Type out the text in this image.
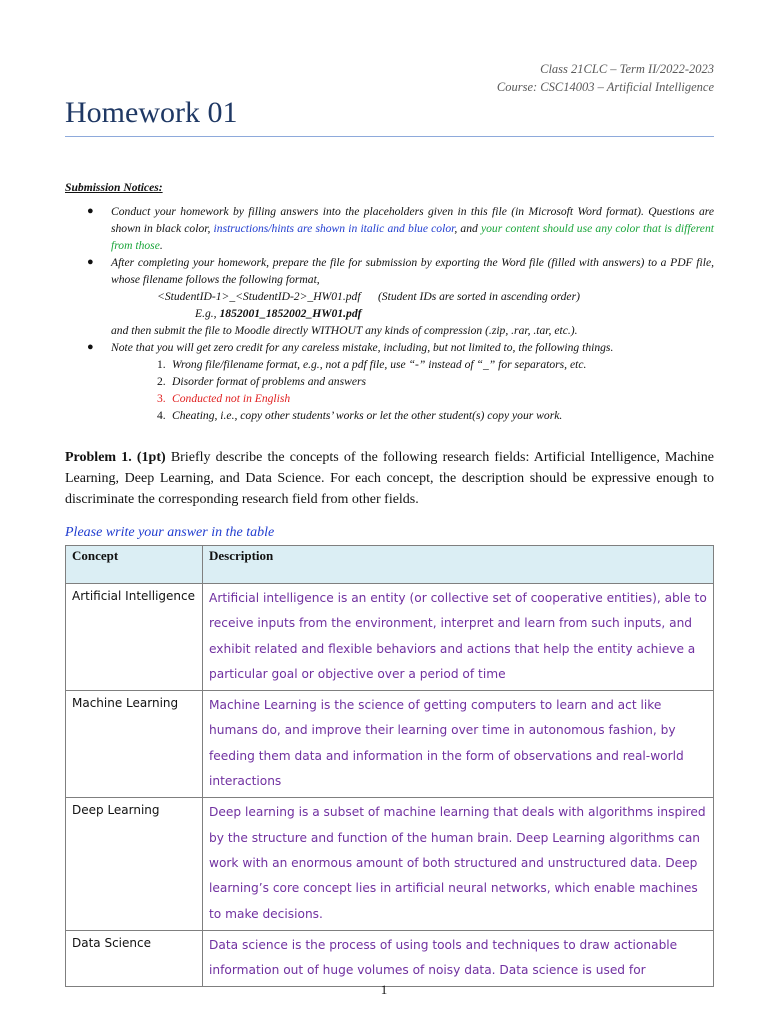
Class 21CLC – Term II/2022-2023
Course: CSC14003 – Artificial Intelligence
Homework 01
Submission Notices:
● Conduct your homework by filling answers into the placeholders given in this file (in Microsoft Word format). Questions are shown in black color, instructions/hints are shown in italic and blue color, and your content should use any color that is different from those.
● After completing your homework, prepare the file for submission by exporting the Word file (filled with answers) to a PDF file, whose filename follows the following format,
<StudentID-1>_<StudentID-2>_HW01.pdf      (Student IDs are sorted in ascending order)
E.g., 1852001_1852002_HW01.pdf
and then submit the file to Moodle directly WITHOUT any kinds of compression (.zip, .rar, .tar, etc.).
● Note that you will get zero credit for any careless mistake, including, but not limited to, the following things.
1. Wrong file/filename format, e.g., not a pdf file, use “-” instead of “_” for separators, etc.
2. Disorder format of problems and answers
3. Conducted not in English
4. Cheating, i.e., copy other students’ works or let the other student(s) copy your work.
Problem 1. (1pt) Briefly describe the concepts of the following research fields: Artificial Intelligence, Machine Learning, Deep Learning, and Data Science. For each concept, the description should be expressive enough to discriminate the corresponding research field from other fields.
Please write your answer in the table
Concept	Description
Artificial Intelligence	Artificial intelligence is an entity (or collective set of cooperative entities), able to receive inputs from the environment, interpret and learn from such inputs, and exhibit related and flexible behaviors and actions that help the entity achieve a particular goal or objective over a period of time
Machine Learning	Machine Learning is the science of getting computers to learn and act like humans do, and improve their learning over time in autonomous fashion, by feeding them data and information in the form of observations and real-world interactions
Deep Learning	Deep learning is a subset of machine learning that deals with algorithms inspired by the structure and function of the human brain. Deep Learning algorithms can work with an enormous amount of both structured and unstructured data. Deep learning’s core concept lies in artificial neural networks, which enable machines to make decisions.
Data Science	Data science is the process of using tools and techniques to draw actionable information out of huge volumes of noisy data. Data science is used for
1
